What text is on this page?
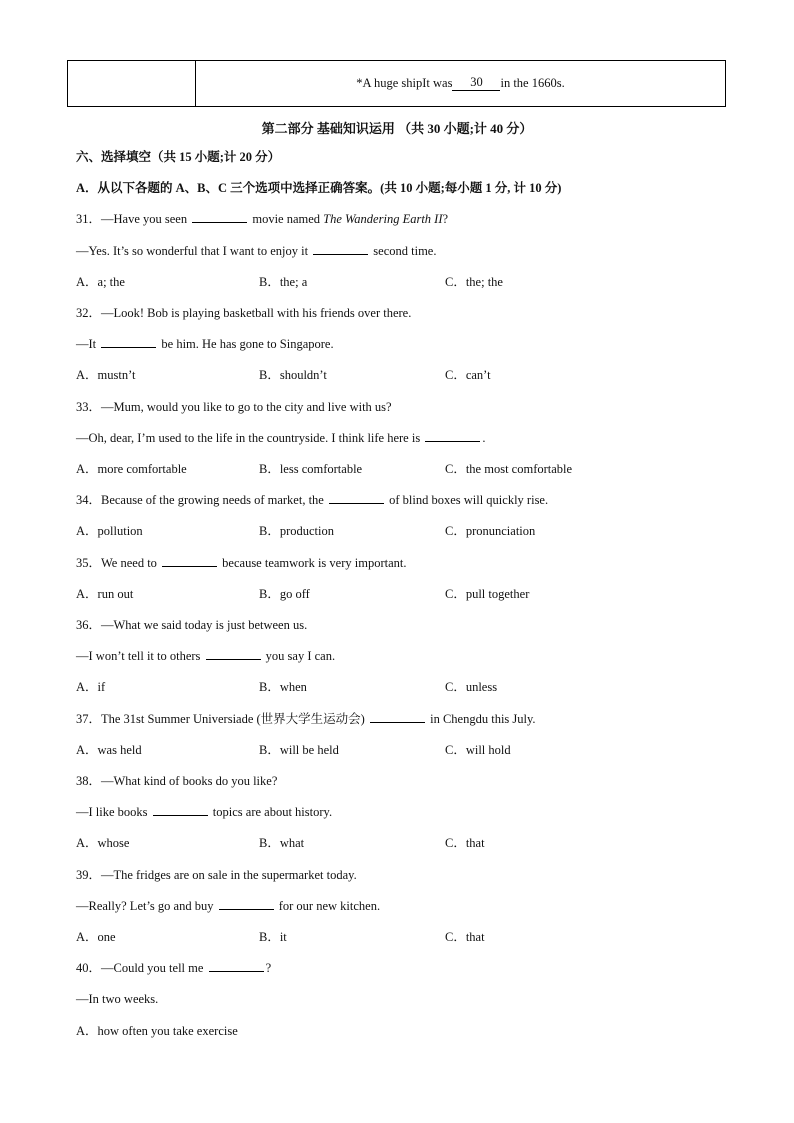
*A huge shipIt was	30	in the 1660s.
第二部分 基础知识运用 （共 30 小题;计 40 分）
六、选择填空（共 15 小题;计 20 分）
A．从以下各题的 A、B、C 三个选项中选择正确答案。(共 10 小题;每小题 1 分, 计 10 分)
31．—Have you seen	movie named The Wandering Earth II?
—Yes. It’s so wonderful that I want to enjoy it	second time.
A．a; the	B．the; a	C．the; the
32．—Look! Bob is playing basketball with his friends over there.
—It	be him. He has gone to Singapore.
A．mustn’t	B．shouldn’t	C．can’t
33．—Mum, would you like to go to the city and live with us?
—Oh, dear, I’m used to the life in the countryside. I think life here is	.
A．more comfortable	B．less comfortable	C．the most comfortable
34．Because of the growing needs of market, the	of blind boxes will quickly rise.
A．pollution	B．production	C．pronunciation
35．We need to	because teamwork is very important.
A．run out	B．go off	C．pull together
36．—What we said today is just between us.
—I won’t tell it to others	you say I can.
A．if	B．when	C．unless
37．The 31st Summer Universiade (世界大学生运动会)	in Chengdu this July.
A．was held	B．will be held	C．will hold
38．—What kind of books do you like?
—I like books	topics are about history.
A．whose	B．what	C．that
39．—The fridges are on sale in the supermarket today.
—Really? Let’s go and buy	for our new kitchen.
A．one	B．it	C．that
40．—Could you tell me	?
—In two weeks.
A．how often you take exercise
